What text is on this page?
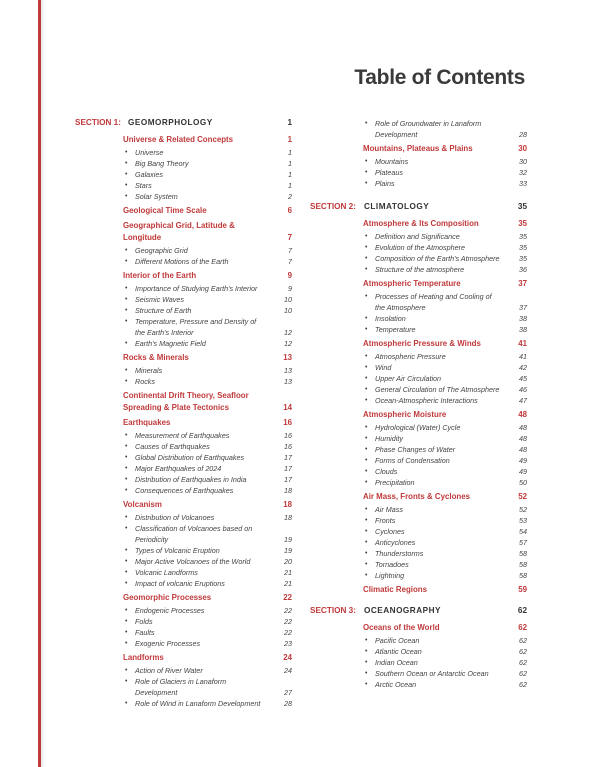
Table of Contents
SECTION 1: GEOMORPHOLOGY	1
Universe & Related Concepts	1
• Universe	1
• Big Bang Theory	1
• Galaxies	1
• Stars	1
• Solar System	2
Geological Time Scale	6
Geographical Grid, Latitude & Longitude	7
• Geographic Grid	7
• Different Motions of the Earth	7
Interior of the Earth	9
• Importance of Studying Earth's Interior	9
• Seismic Waves	10
• Structure of Earth	10
• Temperature, Pressure and Density of the Earth's Interior	12
• Earth's Magnetic Field	12
Rocks & Minerals	13
• Minerals	13
• Rocks	13
Continental Drift Theory, Seafloor Spreading & Plate Tectonics	14
Earthquakes	16
• Measurement of Earthquakes	16
• Causes of Earthquakes	16
• Global Distribution of Earthquakes	17
• Major Earthquakes of 2024	17
• Distribution of Earthquakes in India	17
• Consequences of Earthquakes	18
Volcanism	18
• Distribution of Volcanoes	18
• Classification of Volcanoes based on Periodicity	19
• Types of Volcanic Eruption	19
• Major Active Volcanoes of the World	20
• Volcanic Landforms	21
• Impact of volcanic Eruptions	21
Geomorphic Processes	22
• Endogenic Processes	22
• Folds	22
• Faults	22
• Exogenic Processes	23
Landforms	24
• Action of River Water	24
• Role of Glaciers in Lanaform Development	27
• Role of Wind in Lanaform Development	28
• Role of Groundwater in Lanaform Development	28
Mountains, Plateaus & Plains	30
• Mountains	30
• Plateaus	32
• Plains	33
SECTION 2: CLIMATOLOGY	35
Atmosphere & Its Composition	35
• Definition and Significance	35
• Evolution of the Atmosphere	35
• Composition of the Earth's Atmosphere	35
• Structure of the atmosphere	36
Atmospheric Temperature	37
• Processes of Heating and Cooling of the Atmosphere	37
• Insolation	38
• Temperature	38
Atmospheric Pressure & Winds	41
• Atmospheric Pressure	41
• Wind	42
• Upper Air Circulation	45
• General Circulation of The Atmosphere	46
• Ocean-Atmospheric Interactions	47
Atmospheric Moisture	48
• Hydrological (Water) Cycle	48
• Humidity	48
• Phase Changes of Water	48
• Forms of Condensation	49
• Clouds	49
• Precipitation	50
Air Mass, Fronts & Cyclones	52
• Air Mass	52
• Fronts	53
• Cyclones	54
• Anticyclones	57
• Thunderstorms	58
• Tornadoes	58
• Lightning	58
Climatic Regions	59
SECTION 3: OCEANOGRAPHY	62
Oceans of the World	62
• Pacific Ocean	62
• Atlantic Ocean	62
• Indian Ocean	62
• Southern Ocean or Antarctic Ocean	62
• Arctic Ocean	62
